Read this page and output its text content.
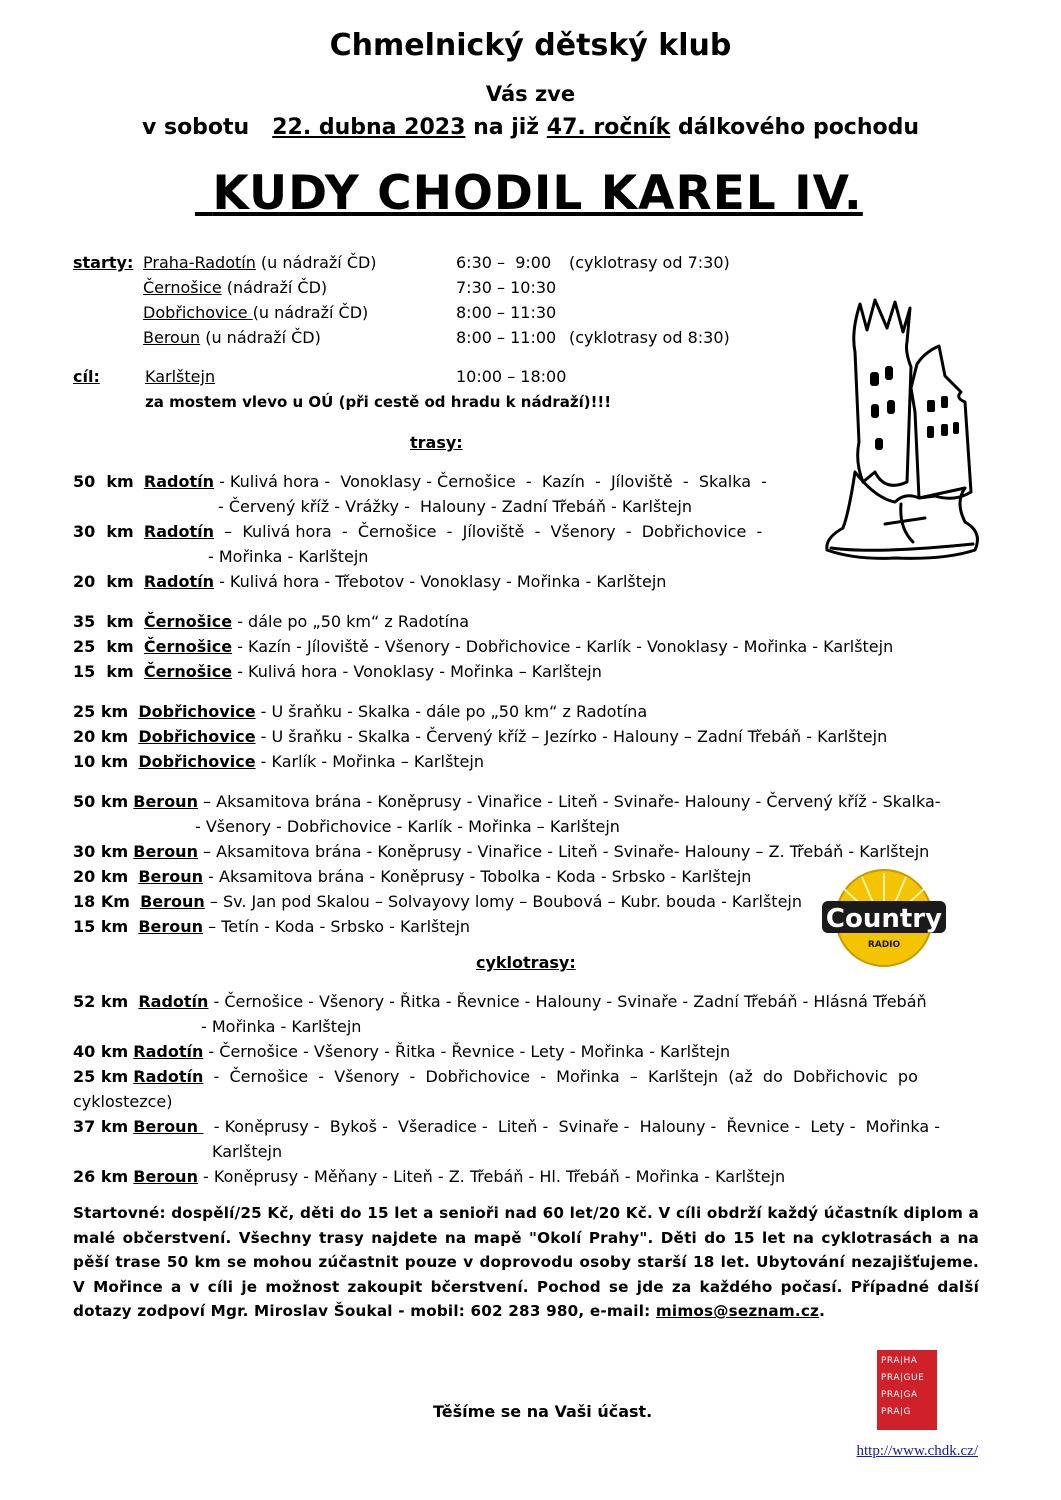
Chmelnický dětský klub
Vás zve
v sobotu 22. dubna 2023 na již 47. ročník dálkového pochodu
KUDY CHODIL KAREL IV.
starty: Praha-Radotín (u nádraží ČD)	6:30 –  9:00 (cyklotrasy od 7:30)
Černošice (nádraží ČD)	7:30 – 10:30
Dobřichovice (u nádraží ČD)	8:00 – 11:30
Beroun (u nádraží ČD)	8:00 – 11:00 (cyklotrasy od 8:30)
cíl:	Karlštejn	10:00 – 18:00
za mostem vlevo u OÚ (při cestě od hradu k nádraží)!!!
trasy:
50  km Radotín - Kulivá hora -  Vonoklasy - Černošice  -  Kazín  -  Jíloviště  -  Skalka  -
- Červený kříž - Vrážky -  Halouny - Zadní Třebáň - Karlštejn
30  km Radotín  –  Kulivá hora  -  Černošice  -  Jíloviště  -  Všenory  -  Dobřichovice  -
- Mořinka - Karlštejn
20  km Radotín - Kulivá hora - Třebotov - Vonoklasy - Mořinka - Karlštejn
35  km Černošice - dále po „50 km“ z Radotína
25  km Černošice - Kazín - Jíloviště - Všenory - Dobřichovice - Karlík - Vonoklasy - Mořinka - Karlštejn
15  km Černošice - Kulivá hora - Vonoklasy - Mořinka – Karlštejn
25 km Dobřichovice - U šraňku - Skalka - dále po „50 km“ z Radotína
20 km Dobřichovice - U šraňku - Skalka - Červený kříž – Jezírko - Halouny – Zadní Třebáň - Karlštejn
10 km Dobřichovice - Karlík - Mořinka – Karlštejn
50 km Beroun – Aksamitova brána - Koněprusy - Vinařice - Liteň - Svinaře- Halouny - Červený kříž - Skalka-
- Všenory - Dobřichovice - Karlík - Mořinka – Karlštejn
30 km Beroun – Aksamitova brána - Koněprusy - Vinařice - Liteň - Svinaře- Halouny – Z. Třebáň - Karlštejn
20 km Beroun - Aksamitova brána - Koněprusy - Tobolka - Koda - Srbsko - Karlštejn
18 Km Beroun – Sv. Jan pod Skalou – Solvayovy lomy – Boubová – Kubr. bouda - Karlštejn
15 km Beroun – Tetín - Koda - Srbsko - Karlštejn	Country
RADIO
cyklotrasy:
52 km Radotín - Černošice - Všenory - Řitka - Řevnice - Halouny - Svinaře - Zadní Třebáň - Hlásná Třebáň
- Mořinka - Karlštejn
40 km Radotín - Černošice - Všenory - Řitka - Řevnice - Lety - Mořinka - Karlštejn
25 km Radotín  -  Černošice  -  Všenory  -  Dobřichovice  -  Mořinka  –  Karlštejn  (až  do  Dobřichovic  po
cyklostezce)
37 km Beroun   - Koněprusy -  Bykoš -  Všeradice -  Liteň -  Svinaře -  Halouny -  Řevnice -  Lety -  Mořinka -
Karlštejn
26 km Beroun - Koněprusy - Měňany - Liteň - Z. Třebáň - Hl. Třebáň - Mořinka - Karlštejn
Startovné: dospělí/25 Kč, děti do 15 let a senioři nad 60 let/20 Kč. V cíli obdrží každý účastník diplom a malé občerstvení. Všechny trasy najdete na mapě "Okolí Prahy". Děti do 15 let na cyklotrasách a na pěší trase 50 km se mohou zúčastnit pouze v doprovodu osoby starší 18 let. Ubytování nezajišťujeme. V Mořince a v cíli je možnost zakoupit bčerstvení. Pochod se jde za každého počasí. Případné další dotazy zodpoví Mgr. Miroslav Šoukal - mobil: 602 283 980, e-mail: mimos@seznam.cz.
PRA|HA
PRA|GUE
PRA|GA
PRA|G
Těšíme se na Vaši účast.
http://www.chdk.cz/
